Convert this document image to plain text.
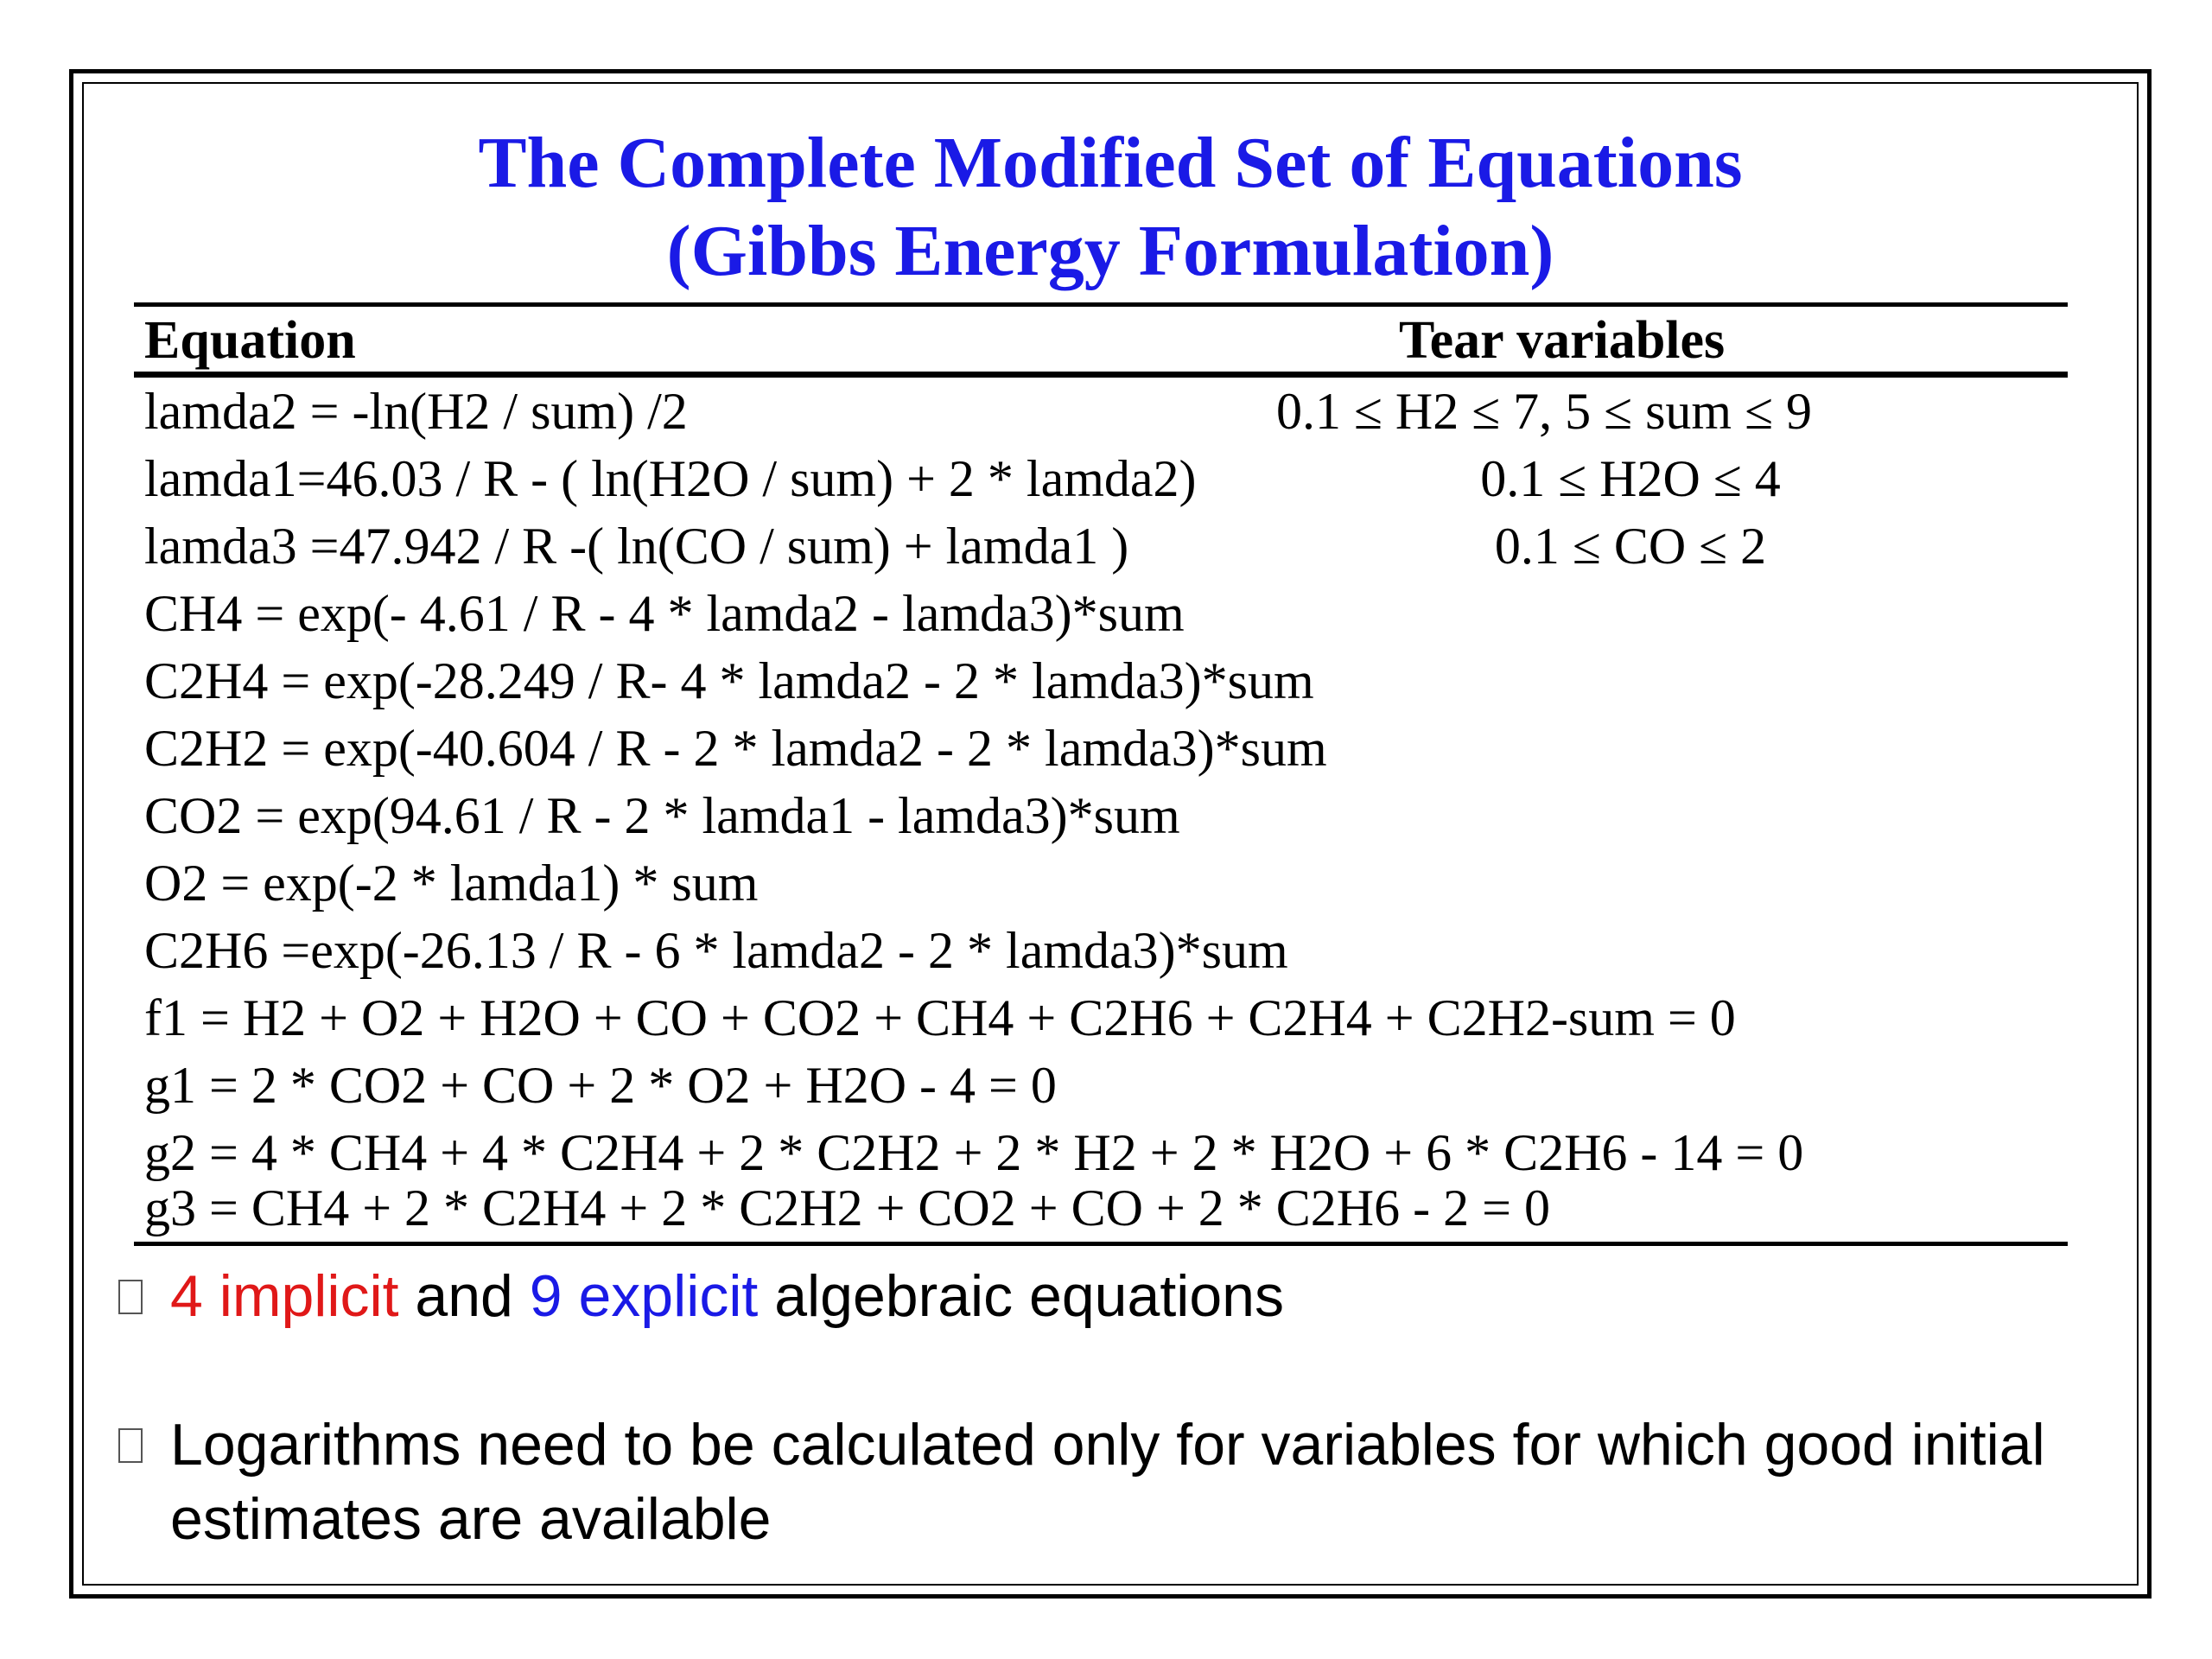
The Complete Modified Set of Equations
(Gibbs Energy Formulation)
Equation	Tear variables
lamda2 = -ln(H2 / sum) /2
lamda1=46.03 / R - ( ln(H2O / sum) + 2 * lamda2)
lamda3 =47.942 / R -( ln(CO / sum) + lamda1 )
CH4 = exp(- 4.61 / R - 4 * lamda2 - lamda3)*sum
C2H4 = exp(-28.249 / R- 4 * lamda2 - 2 * lamda3)*sum
C2H2 = exp(-40.604 / R - 2 * lamda2 - 2 * lamda3)*sum
CO2 = exp(94.61 / R - 2 * lamda1 - lamda3)*sum
O2 = exp(-2 * lamda1) * sum
C2H6 =exp(-26.13 / R - 6 * lamda2 - 2 * lamda3)*sum
f1 = H2 + O2 + H2O + CO + CO2 + CH4 + C2H6 + C2H4 + C2H2-sum = 0
g1 = 2 * CO2 + CO + 2 * O2 + H2O - 4 = 0
g2 = 4 * CH4 + 4 * C2H4 + 2 * C2H2 + 2 * H2 + 2 * H2O + 6 * C2H6 - 14 = 0
g3 = CH4 + 2 * C2H4 + 2 * C2H2 + CO2 + CO + 2 * C2H6 - 2 = 0
0.1 ≤ H2 ≤ 7, 5 ≤ sum ≤ 9
0.1 ≤ H2O ≤ 4
0.1 ≤ CO ≤ 2
4 implicit and 9 explicit algebraic equations
Logarithms need to be calculated only for variables for which good initial estimates are available
